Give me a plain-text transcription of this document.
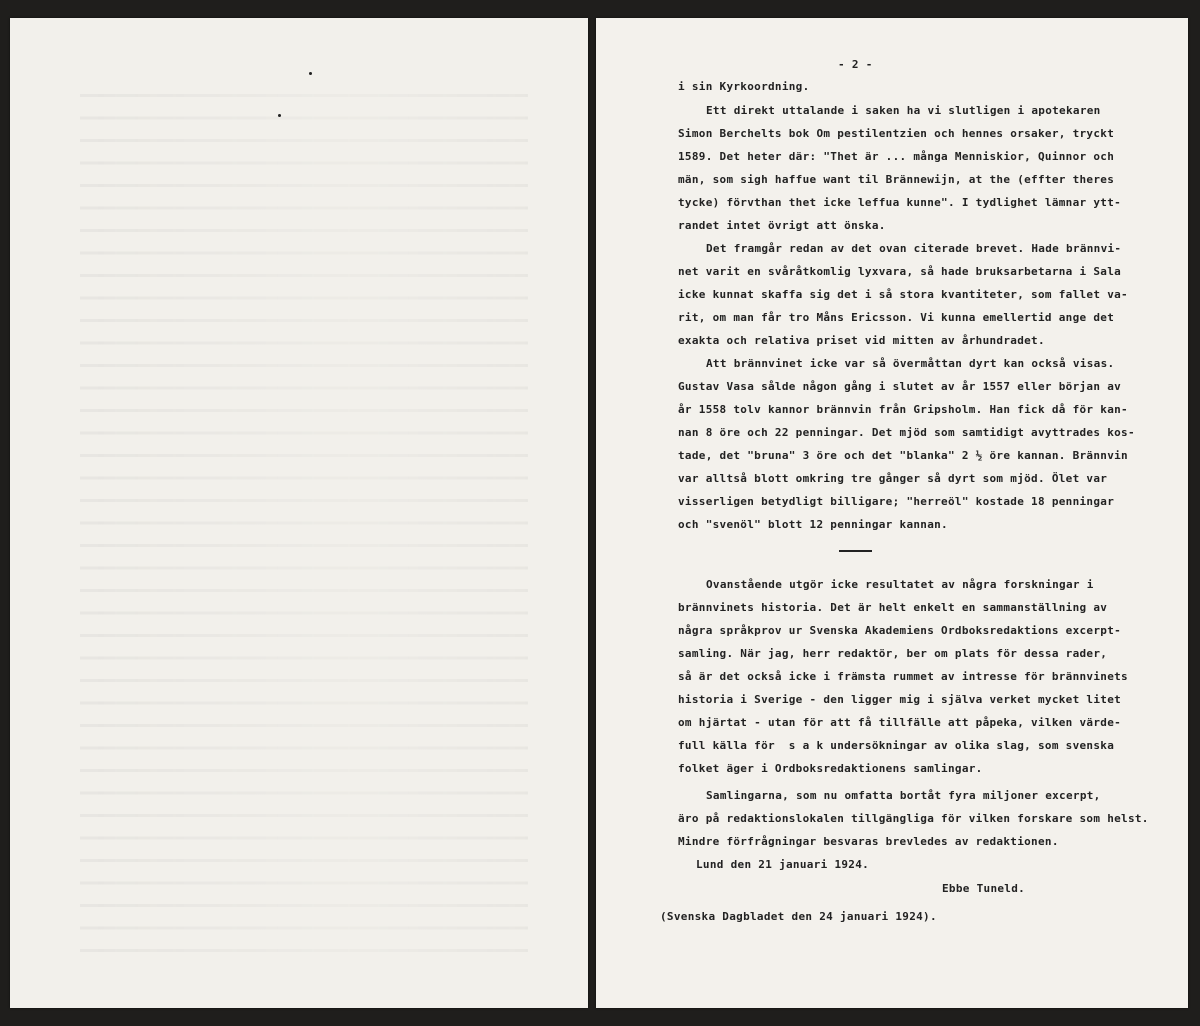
- 2 -
i sin Kyrkoordning.
Ett direkt uttalande i saken ha vi slutligen i apotekaren
Simon Berchelts bok Om pestilentzien och hennes orsaker, tryckt
1589. Det heter där: "Thet är ... många Menniskior, Quinnor och
män, som sigh haffue want til Brännewijn, at the (effter theres
tycke) förvthan thet icke leffua kunne". I tydlighet lämnar ytt-
randet intet övrigt att önska.
Det framgår redan av det ovan citerade brevet. Hade brännvi-
net varit en svåråtkomlig lyxvara, så hade bruksarbetarna i Sala
icke kunnat skaffa sig det i så stora kvantiteter, som fallet va-
rit, om man får tro Måns Ericsson. Vi kunna emellertid ange det
exakta och relativa priset vid mitten av århundradet.
Att brännvinet icke var så övermåttan dyrt kan också visas.
Gustav Vasa sålde någon gång i slutet av år 1557 eller början av
år 1558 tolv kannor brännvin från Gripsholm. Han fick då för kan-
nan 8 öre och 22 penningar. Det mjöd som samtidigt avyttrades kos-
tade, det "bruna" 3 öre och det "blanka" 2 ½ öre kannan. Brännvin
var alltså blott omkring tre gånger så dyrt som mjöd. Ölet var
visserligen betydligt billigare; "herreöl" kostade 18 penningar
och "svenöl" blott 12 penningar kannan.
Ovanstående utgör icke resultatet av några forskningar i
brännvinets historia. Det är helt enkelt en sammanställning av
några språkprov ur Svenska Akademiens Ordboksredaktions excerpt-
samling. När jag, herr redaktör, ber om plats för dessa rader,
så är det också icke i främsta rummet av intresse för brännvinets
historia i Sverige - den ligger mig i själva verket mycket litet
om hjärtat - utan för att få tillfälle att påpeka, vilken värde-
full källa för  s a k undersökningar av olika slag, som svenska
folket äger i Ordboksredaktionens samlingar.
Samlingarna, som nu omfatta bortåt fyra miljoner excerpt,
äro på redaktionslokalen tillgängliga för vilken forskare som helst.
Mindre förfrågningar besvaras brevledes av redaktionen.
Lund den 21 januari 1924.
Ebbe Tuneld.
(Svenska Dagbladet den 24 januari 1924).
